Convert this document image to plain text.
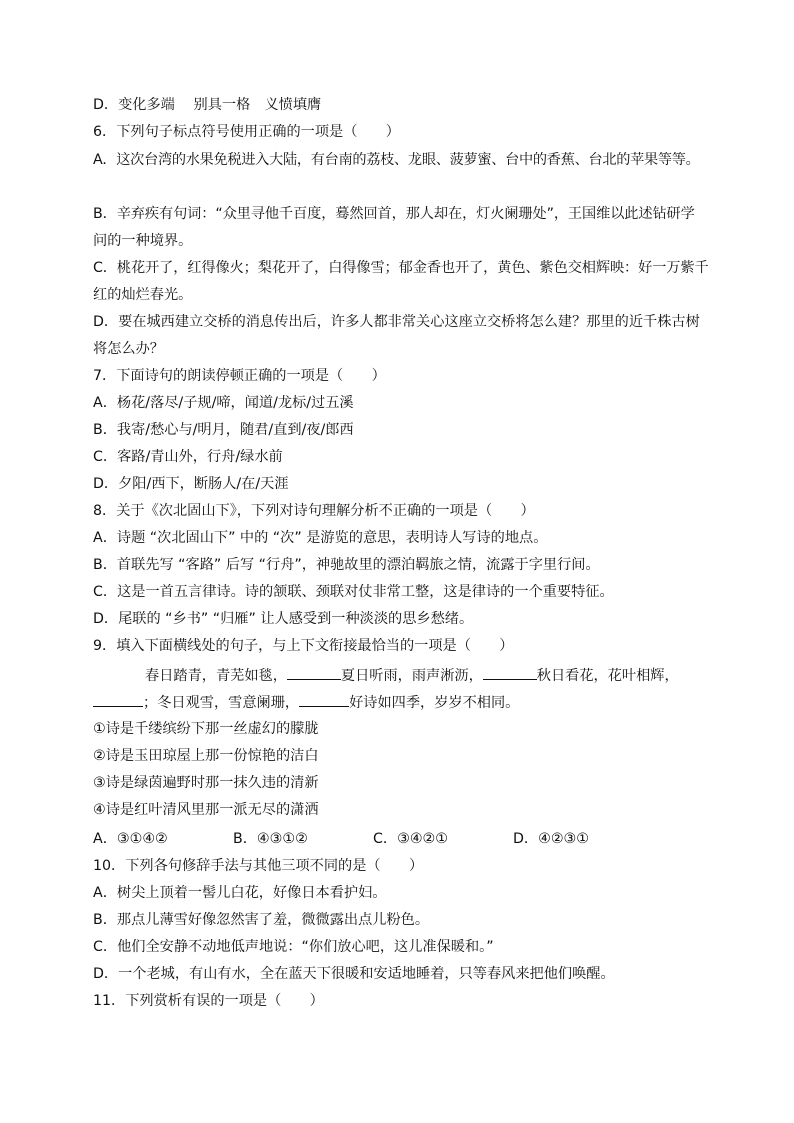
D．变化多端　 别具一格　义愤填膺
6．下列句子标点符号使用正确的一项是（　　）
A．这次台湾的水果免税进入大陆，有台南的荔枝、龙眼、菠萝蜜、台中的香蕉、台北的苹果等等。
B．辛弃疾有句词：“众里寻他千百度，蓦然回首，那人却在，灯火阑珊处”，王国维以此述钻研学
问的一种境界。
C．桃花开了，红得像火；梨花开了，白得像雪；郁金香也开了，黄色、紫色交相辉映：好一万紫千
红的灿烂春光。
D．要在城西建立交桥的消息传出后，许多人都非常关心这座立交桥将怎么建？那里的近千株古树
将怎么办？
7．下面诗句的朗读停顿正确的一项是（　　）
A．杨花/落尽/子规/啼，闻道/龙标/过五溪
B．我寄/愁心与/明月，随君/直到/夜/郎西
C．客路/青山外，行舟/绿水前
D．夕阳/西下，断肠人/在/天涯
8．关于《次北固山下》，下列对诗句理解分析不正确的一项是（　　）
A．诗题 “次北固山下” 中的 “次” 是游览的意思，表明诗人写诗的地点。
B．首联先写 “客路” 后写 “行舟”，神驰故里的漂泊羁旅之情，流露于字里行间。
C．这是一首五言律诗。诗的颔联、颈联对仗非常工整，这是律诗的一个重要特征。
D．尾联的 “乡书” “归雁” 让人感受到一种淡淡的思乡愁绪。
9．填入下面横线处的句子，与上下文衔接最恰当的一项是（　　）
春日踏青，青芜如毯，	夏日听雨，雨声淅沥，	秋日看花，花叶相辉，
；冬日观雪，雪意阑珊，	好诗如四季，岁岁不相同。
①诗是千缕缤纷下那一丝虚幻的朦胧
②诗是玉田琼屋上那一份惊艳的洁白
③诗是绿茵遍野时那一抹久违的清新
④诗是红叶清风里那一派无尽的潇洒
A．③①④②	B．④③①②	C．③④②①	D．④②③①
10．下列各句修辞手法与其他三项不同的是（　　）
A．树尖上顶着一髻儿白花，好像日本看护妇。
B．那点儿薄雪好像忽然害了羞，微微露出点儿粉色。
C．他们全安静不动地低声地说：“你们放心吧，这儿准保暖和。”
D．一个老城，有山有水，全在蓝天下很暖和安适地睡着，只等春风来把他们唤醒。
11．下列赏析有误的一项是（　　）
